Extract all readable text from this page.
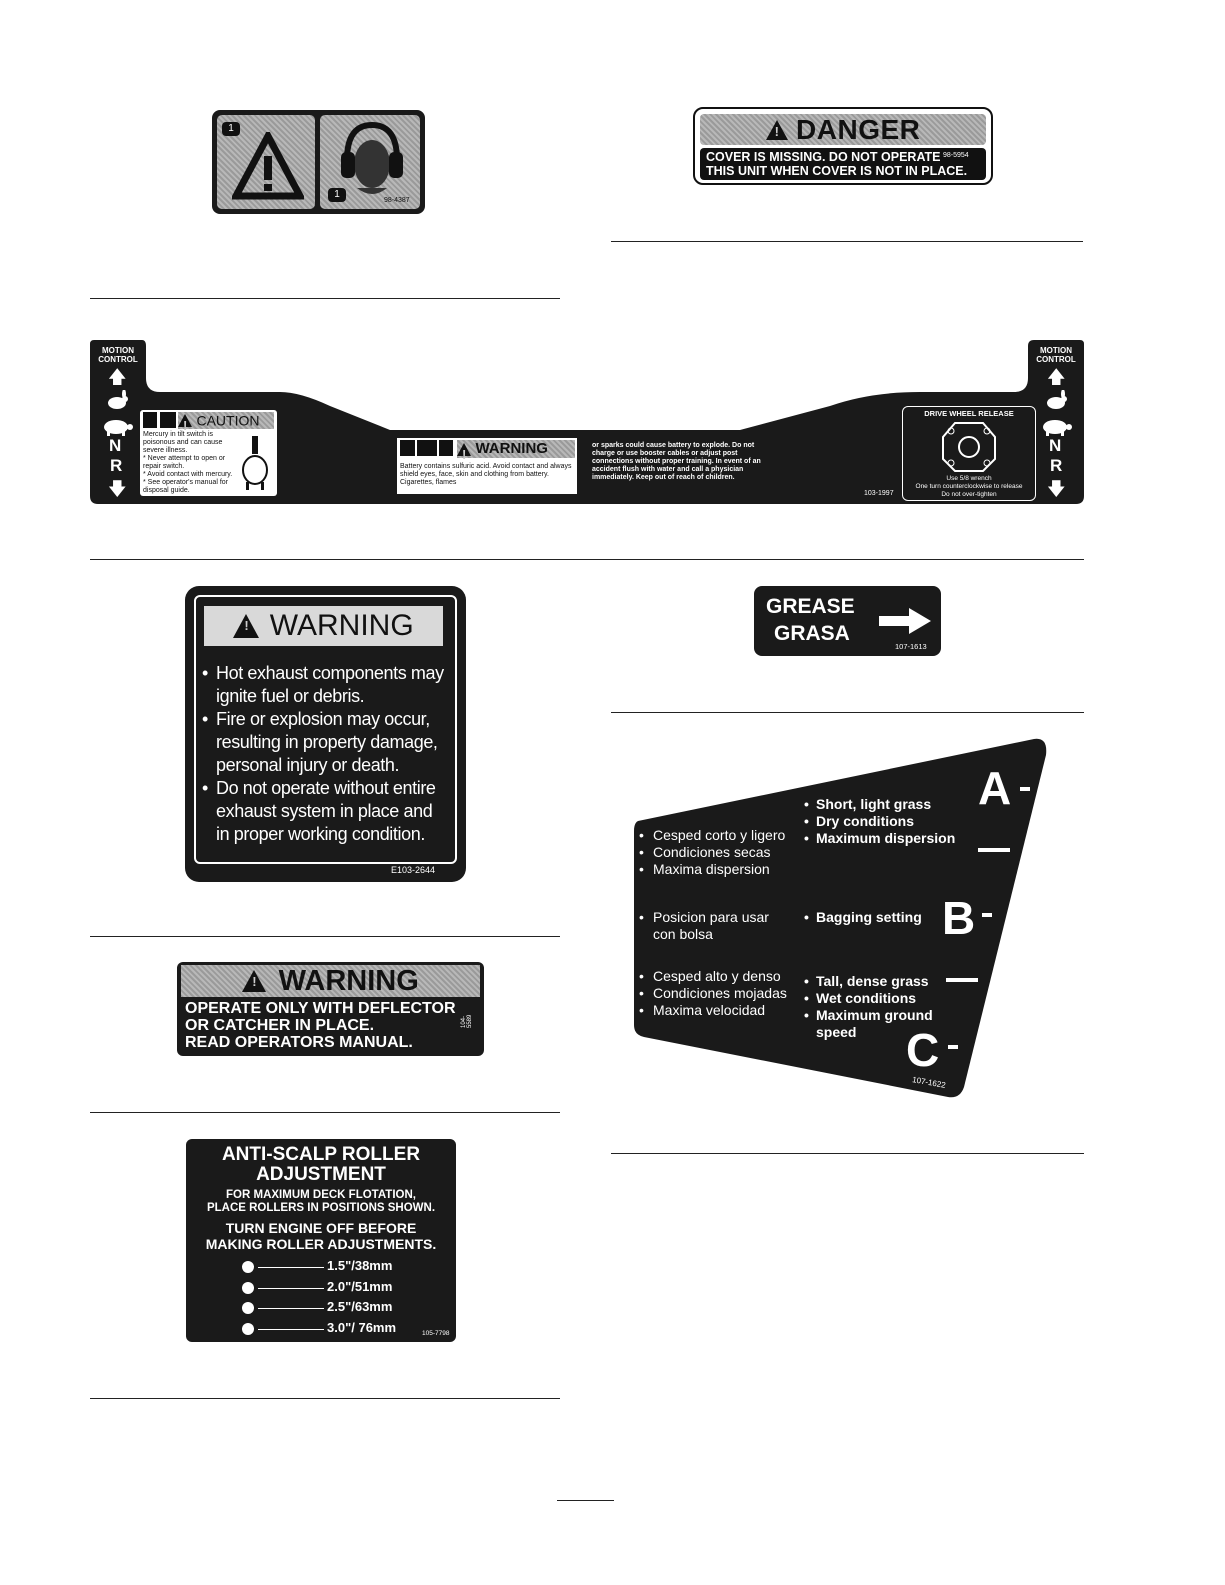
1
1
98-4387
! DANGER
COVER IS MISSING. DO NOT OPERATE
THIS UNIT WHEN COVER IS NOT IN PLACE.
98-5954
MOTION CONTROL
🡅
N
R
🡇
! CAUTION
Mercury in tilt switch is poisonous and can cause severe illness.
* Never attempt to open or repair switch.
* Avoid contact with mercury.
* See operator's manual for disposal guide.
! WARNING
Battery contains sulfuric acid. Avoid contact and always shield eyes, face, skin and clothing from battery. Cigarettes, flames
or sparks could cause battery to explode. Do not charge or use booster cables or adjust post connections without proper training. In event of an accident flush with water and call a physician immediately. Keep out of reach of children.
103-1997
DRIVE WHEEL RELEASE
Use 5/8 wrench
One turn counterclockwise to release
Do not over-tighten
MOTION CONTROL
🡅
N
R
🡇
! WARNING
• Hot exhaust components may ignite fuel or debris.
• Fire or explosion may occur, resulting in property damage, personal injury or death.
• Do not operate without entire exhaust system in place and in proper working condition.
E103-2644
GREASE
GRASA
107-1613
A
B
C
• Cesped corto y ligero
• Condiciones secas
• Maxima dispersion
• Short, light grass
• Dry conditions
• Maximum dispersion
• Posicion para usar con bolsa
• Bagging setting
• Cesped alto y denso
• Condiciones mojadas
• Maxima velocidad
• Tall, dense grass
• Wet conditions
• Maximum ground speed
107-1622
! WARNING
OPERATE ONLY WITH DEFLECTOR
OR CATCHER IN PLACE.
READ OPERATORS MANUAL.
104-5589
ANTI-SCALP ROLLER
ADJUSTMENT
FOR MAXIMUM DECK FLOTATION,
PLACE ROLLERS IN POSITIONS SHOWN.
TURN ENGINE OFF BEFORE
MAKING ROLLER ADJUSTMENTS.
1.5"/38mm
2.0"/51mm
2.5"/63mm
3.0"/ 76mm	105-7798
